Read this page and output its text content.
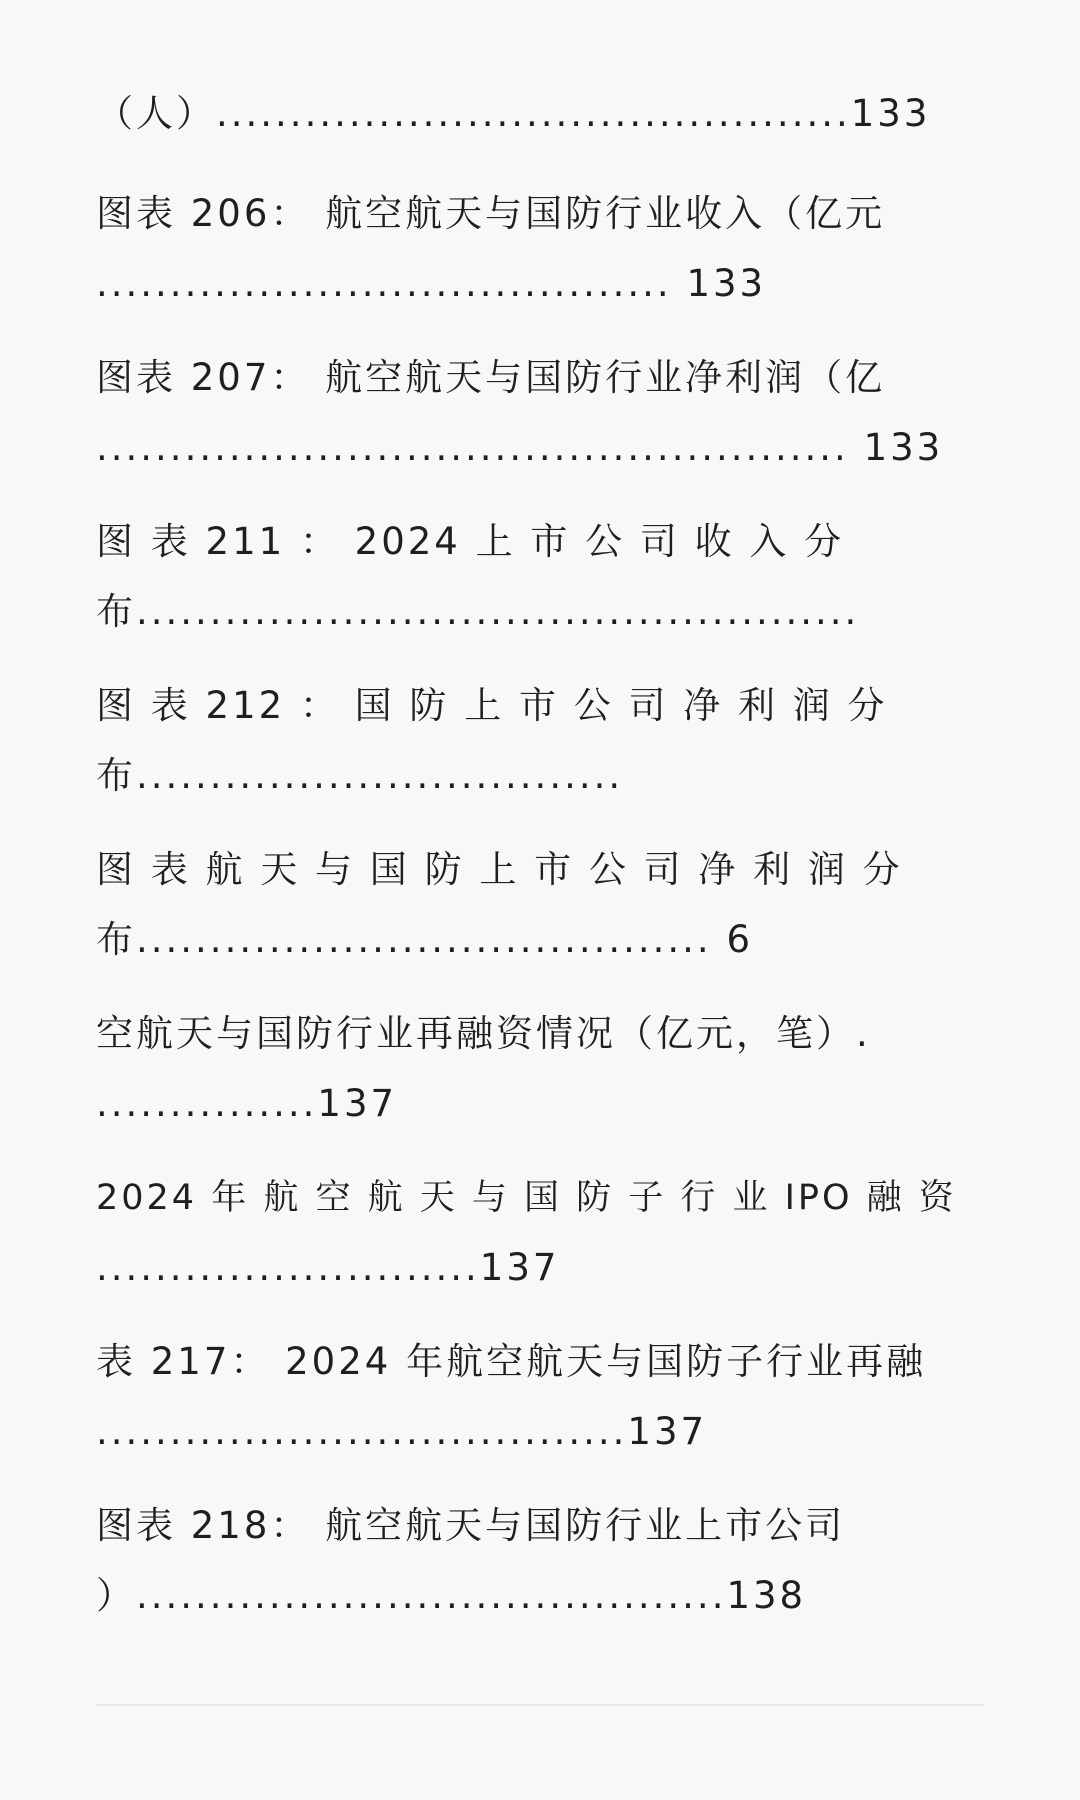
（人）...........................................133
图表 206： 航空航天与国防行业收入（亿元
....................................... 133
图表 207： 航空航天与国防行业净利润（亿
................................................... 133
图 表 211 ： 2024 上 市 公 司 收 入 分
布.................................................
图 表 212 ： 国 防 上 市 公 司 净 利 润 分
布.................................
图 表 航 天 与 国 防 上 市 公 司 净 利 润 分
布....................................... 6
空航天与国防行业再融资情况（亿元，笔）.
...............137
2024 年 航 空 航 天 与 国 防 子 行 业 IPO 融 资
..........................137
表 217： 2024 年航空航天与国防子行业再融
....................................137
图表 218： 航空航天与国防行业上市公司
）........................................138
